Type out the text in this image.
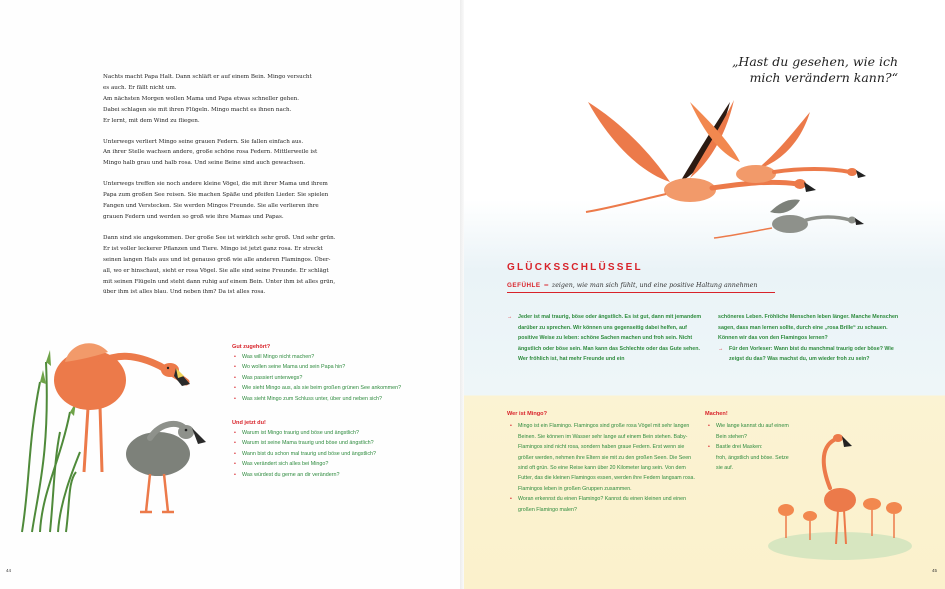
Nachts macht Papa Halt. Dann schläft er auf einem Bein. Mingo versucht
es auch. Er fällt nicht um.
Am nächsten Morgen wollen Mama und Papa etwas schneller gehen.
Dabei schlagen sie mit ihren Flügeln. Mingo macht es ihnen nach.
Er lernt, mit dem Wind zu fliegen.

Unterwegs verliert Mingo seine grauen Federn. Sie fallen einfach aus.
An ihrer Stelle wachsen andere, große schöne rosa Federn. Mittlerweile ist
Mingo halb grau und halb rosa. Und seine Beine sind auch gewachsen.

Unterwegs treffen sie noch andere kleine Vögel, die mit ihrer Mama und ihrem
Papa zum großen See reisen. Sie machen Späße und pfeifen Lieder. Sie spielen
Fangen und Verstecken. Sie werden Mingos Freunde. Sie alle verlieren ihre
grauen Federn und werden so groß wie ihre Mamas und Papas.

Dann sind sie angekommen. Der große See ist wirklich sehr groß. Und sehr grün.
Er ist voller leckerer Pflanzen und Tiere. Mingo ist jetzt ganz rosa. Er streckt
seinen langen Hals aus und ist genauso groß wie alle anderen Flamingos. Über-
all, wo er hinschaut, sieht er rosa Vögel. Sie alle sind seine Freunde. Er schlägt
mit seinen Flügeln und steht dann ruhig auf einem Bein. Unter ihm ist alles grün,
über ihm ist alles blau. Und neben ihm? Da ist alles rosa.

Gut zugehört?

• Was will Mingo nicht machen?
• Wo wollen seine Mama und sein Papa hin?
• Was passiert unterwegs?
• Wie sieht Mingo aus, als sie beim großen grünen See ankommen?
• Was sieht Mingo zum Schluss unter, über und neben sich?

Und jetzt du!

• Warum ist Mingo traurig und böse und ängstlich?
• Warum ist seine Mama traurig und böse und ängstlich?
• Wann bist du schon mal traurig und böse und ängstlich?
• Was verändert sich alles bei Mingo?
• Was würdest du gerne an dir verändern?
44	45
„Hast du gesehen, wie ich
mich verändern kann?“
GLÜCKSSCHLÜSSEL
GEFÜHLE = zeigen, wie man sich fühlt, und eine positive Haltung annehmen

→ Jeder ist mal traurig, böse oder ängstlich. Es ist gut, dann mit jemandem darüber zu sprechen. Wir können uns gegenseitig dabei helfen, auf positive Weise zu leben: schöne Sachen machen und froh sein. Nicht ängstlich oder böse sein. Man kann das Schlechte oder das Gute sehen. Wer fröhlich ist, hat mehr Freunde und ein

schöneres Leben. Fröhliche Menschen leben länger. Manche Menschen sagen, dass man lernen sollte, durch eine „rosa Brille“ zu schauen. Können wir das von den Flamingos lernen?

→ Für den Vorleser: Wann bist du manchmal traurig oder böse? Wie zeigst du das? Was machst du, um wieder froh zu sein?

Wer ist Mingo?

• Mingo ist ein Flamingo. Flamingos sind große rosa Vögel mit sehr langen Beinen. Sie können im Wasser sehr lange auf einem Bein stehen. Baby-Flamingos sind nicht rosa, sondern haben graue Federn. Erst wenn sie größer werden, nehmen ihre Eltern sie mit zu den großen Seen. Die Seen sind oft grün. So eine Reise kann über 20 Kilometer lang sein. Von dem Futter, das die kleinen Flamingos essen, werden ihre Federn langsam rosa. Flamingos leben in großen Gruppen zusammen.
• Woran erkennst du einen Flamingo? Kannst du einen kleinen und einen großen Flamingo malen?

Machen!

• Wie lange kannst du auf einem Bein stehen?
• Bastle drei Masken:

froh, ängstlich und böse. Setze sie auf.
